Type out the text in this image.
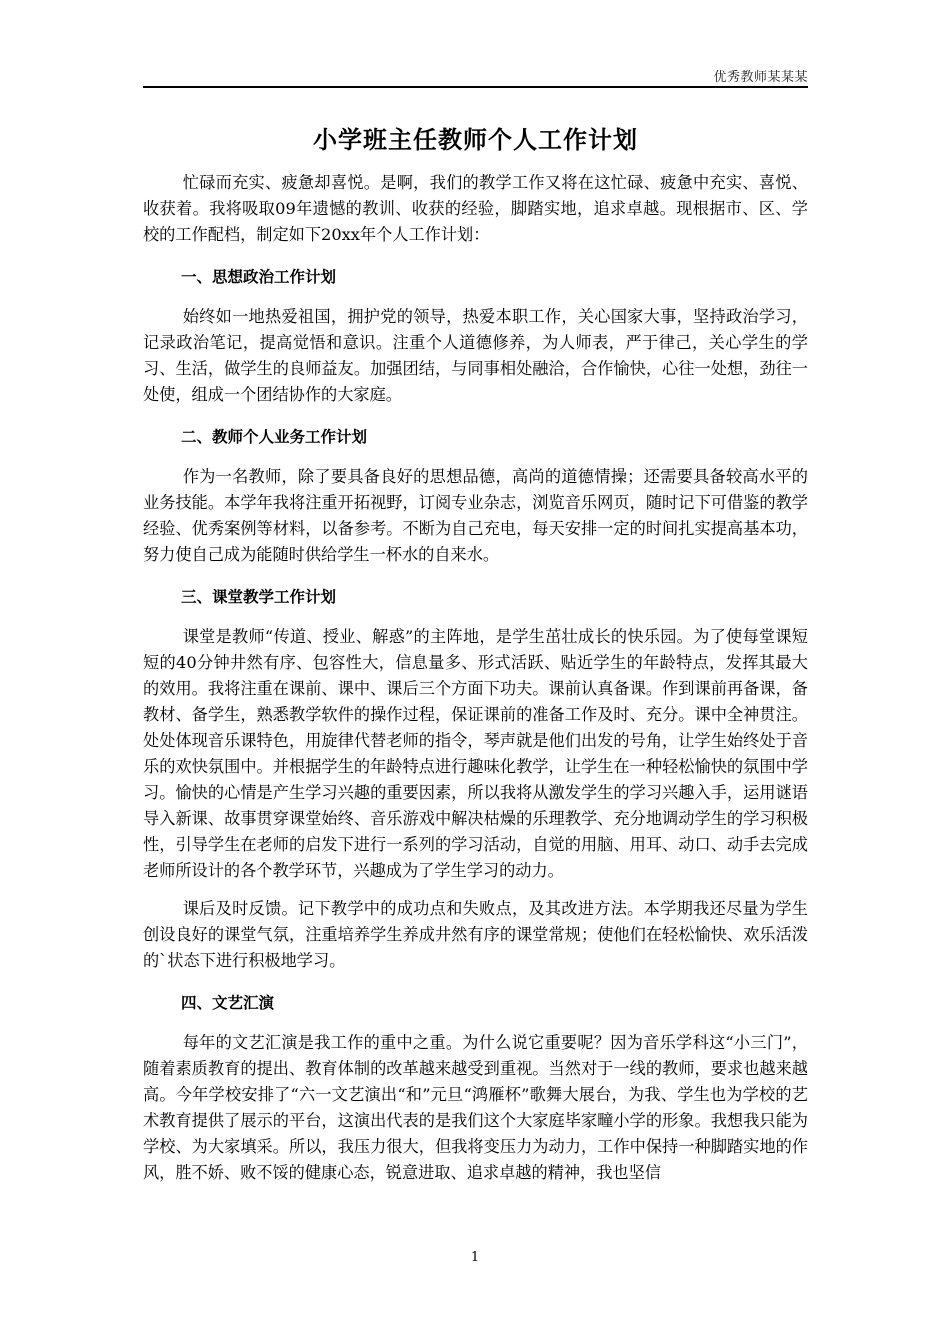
优秀教师某某某
小学班主任教师个人工作计划

忙碌而充实、疲惫却喜悦。是啊，我们的教学工作又将在这忙碌、疲惫中充实、喜悦、收获着。我将吸取09年遗憾的教训、收获的经验，脚踏实地，追求卓越。现根据市、区、学校的工作配档，制定如下20xx年个人工作计划：

一、思想政治工作计划

始终如一地热爱祖国，拥护党的领导，热爱本职工作，关心国家大事，坚持政治学习，记录政治笔记，提高觉悟和意识。注重个人道德修养，为人师表，严于律己，关心学生的学习、生活，做学生的良师益友。加强团结，与同事相处融洽，合作愉快，心往一处想，劲往一处使，组成一个团结协作的大家庭。

二、教师个人业务工作计划

作为一名教师，除了要具备良好的思想品德，高尚的道德情操；还需要具备较高水平的业务技能。本学年我将注重开拓视野，订阅专业杂志，浏览音乐网页，随时记下可借鉴的教学经验、优秀案例等材料，以备参考。不断为自己充电，每天安排一定的时间扎实提高基本功，努力使自己成为能随时供给学生一杯水的自来水。

三、课堂教学工作计划

课堂是教师“传道、授业、解惑”的主阵地，是学生茁壮成长的快乐园。为了使每堂课短短的40分钟井然有序、包容性大，信息量多、形式活跃、贴近学生的年龄特点，发挥其最大的效用。我将注重在课前、课中、课后三个方面下功夫。课前认真备课。作到课前再备课，备教材、备学生，熟悉教学软件的操作过程，保证课前的准备工作及时、充分。课中全神贯注。处处体现音乐课特色，用旋律代替老师的指令，琴声就是他们出发的号角，让学生始终处于音乐的欢快氛围中。并根据学生的年龄特点进行趣味化教学，让学生在一种轻松愉快的氛围中学习。愉快的心情是产生学习兴趣的重要因素，所以我将从激发学生的学习兴趣入手，运用谜语导入新课、故事贯穿课堂始终、音乐游戏中解决枯燥的乐理教学、充分地调动学生的学习积极性，引导学生在老师的启发下进行一系列的学习活动，自觉的用脑、用耳、动口、动手去完成老师所设计的各个教学环节，兴趣成为了学生学习的动力。

课后及时反馈。记下教学中的成功点和失败点，及其改进方法。本学期我还尽量为学生创设良好的课堂气氛，注重培养学生养成井然有序的课堂常规；使他们在轻松愉快、欢乐活泼的`状态下进行积极地学习。

四、文艺汇演

每年的文艺汇演是我工作的重中之重。为什么说它重要呢？因为音乐学科这“小三门”，随着素质教育的提出、教育体制的改革越来越受到重视。当然对于一线的教师，要求也越来越高。今年学校安排了“六一文艺演出“和”元旦“鸿雁杯”歌舞大展台，为我、学生也为学校的艺术教育提供了展示的平台，这演出代表的是我们这个大家庭毕家疃小学的形象。我想我只能为学校、为大家填采。所以，我压力很大，但我将变压力为动力，工作中保持一种脚踏实地的作风，胜不娇、败不馁的健康心态，锐意进取、追求卓越的精神，我也坚信

1
